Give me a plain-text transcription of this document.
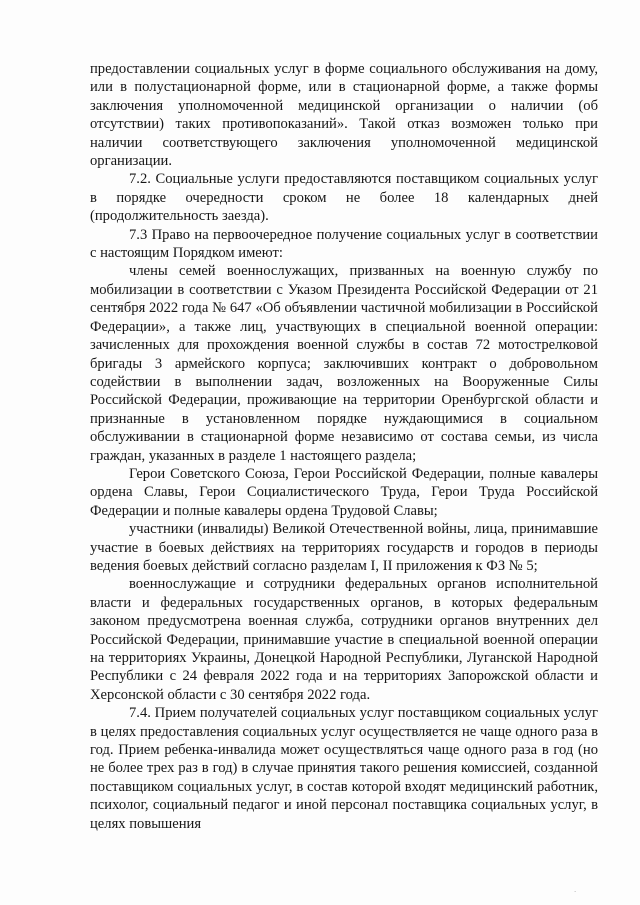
предоставлении социальных услуг в форме социального обслуживания на дому, или в полустационарной форме, или в стационарной форме, а также формы заключения уполномоченной медицинской организации о наличии (об отсутствии) таких противопоказаний». Такой отказ возможен только при наличии соответствующего заключения уполномоченной медицинской организации.

7.2. Социальные услуги предоставляются поставщиком социальных услуг в порядке очередности сроком не более 18 календарных дней (продолжительность заезда).

7.3 Право на первоочередное получение социальных услуг в соответствии с настоящим Порядком имеют:

члены семей военнослужащих, призванных на военную службу по мобилизации в соответствии с Указом Президента Российской Федерации от 21 сентября 2022 года № 647 «Об объявлении частичной мобилизации в Российской Федерации», а также лиц, участвующих в специальной военной операции: зачисленных для прохождения военной службы в состав 72 мотострелковой бригады 3 армейского корпуса; заключивших контракт о добровольном содействии в выполнении задач, возложенных на Вооруженные Силы Российской Федерации, проживающие на территории Оренбургской области и признанные в установленном порядке нуждающимися в социальном обслуживании в стационарной форме независимо от состава семьи, из числа граждан, указанных в разделе 1 настоящего раздела;

Герои Советского Союза, Герои Российской Федерации, полные кавалеры ордена Славы, Герои Социалистического Труда, Герои Труда Российской Федерации и полные кавалеры ордена Трудовой Славы;

участники (инвалиды) Великой Отечественной войны, лица, принимавшие участие в боевых действиях на территориях государств и городов в периоды ведения боевых действий согласно разделам I, II приложения к ФЗ № 5;

военнослужащие и сотрудники федеральных органов исполнительной власти и федеральных государственных органов, в которых федеральным законом предусмотрена военная служба, сотрудники органов внутренних дел Российской Федерации, принимавшие участие в специальной военной операции на территориях Украины, Донецкой Народной Республики, Луганской Народной Республики с 24 февраля 2022 года и на территориях Запорожской области и Херсонской области с 30 сентября 2022 года.

7.4. Прием получателей социальных услуг поставщиком социальных услуг в целях предоставления социальных услуг осуществляется не чаще одного раза в год. Прием ребенка-инвалида может осуществляться чаще одного раза в год (но не более трех раз в год) в случае принятия такого решения комиссией, созданной поставщиком социальных услуг, в состав которой входят медицинский работник, психолог, социальный педагог и иной персонал поставщика социальных услуг, в целях повышения

.
